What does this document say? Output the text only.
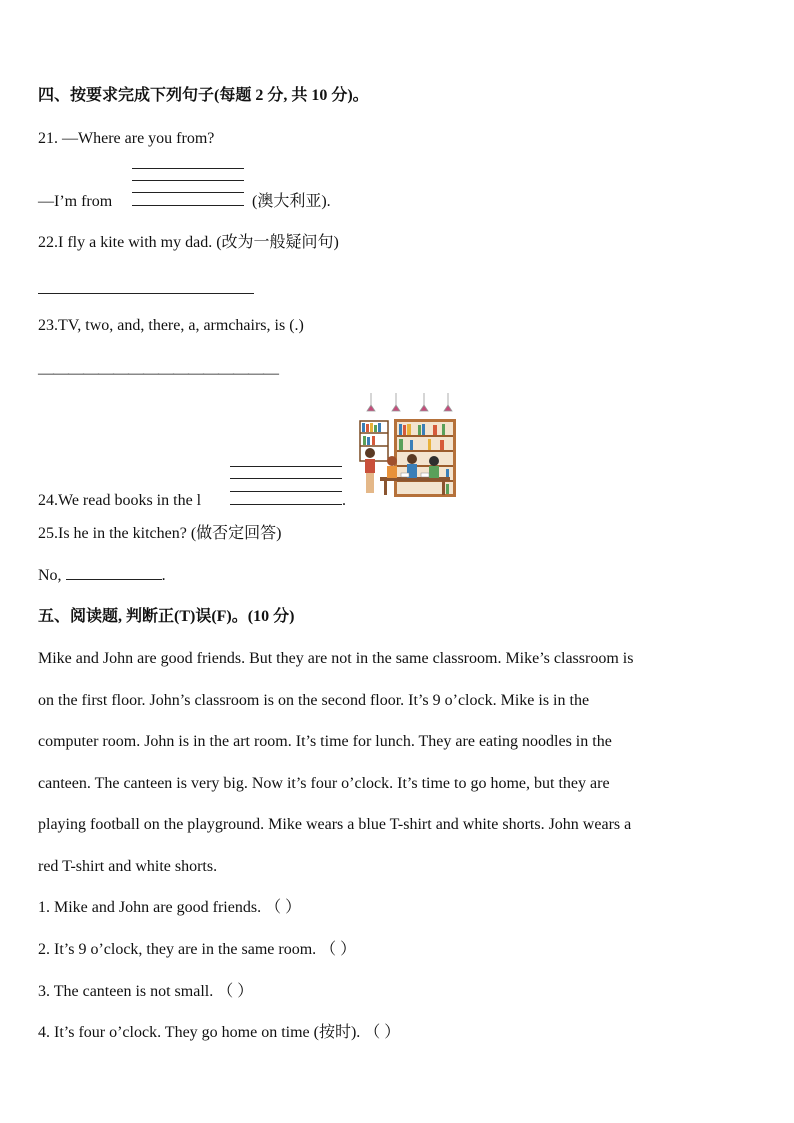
四、按要求完成下列句子(每题 2 分, 共 10 分)。
21. —Where are you from?
—I’m from	(澳大利亚).
22.I fly a kite with my dad. (改为一般疑问句)
23.TV, two, and, there, a, armchairs, is (.)
————————————————
24.We read books in the l	.
25.Is he in the kitchen? (做否定回答)
No,	.
五、阅读题, 判断正(T)误(F)。(10 分)
Mike and John are good friends. But they are not in the same classroom. Mike’s classroom is
on the first floor. John’s classroom is on the second floor. It’s 9 o’clock. Mike is in the
computer room. John is in the art room. It’s time for lunch. They are eating noodles in the
canteen. The canteen is very big. Now it’s four o’clock. It’s time to go home, but they are
playing football on the playground. Mike wears a blue T-shirt and white shorts. John wears a
red T-shirt and white shorts.
1. Mike and John are good friends. （ ）
2. It’s 9 o’clock, they are in the same room. （ ）
3. The canteen is not small. （ ）
4. It’s four o’clock. They go home on time (按时). （ ）
